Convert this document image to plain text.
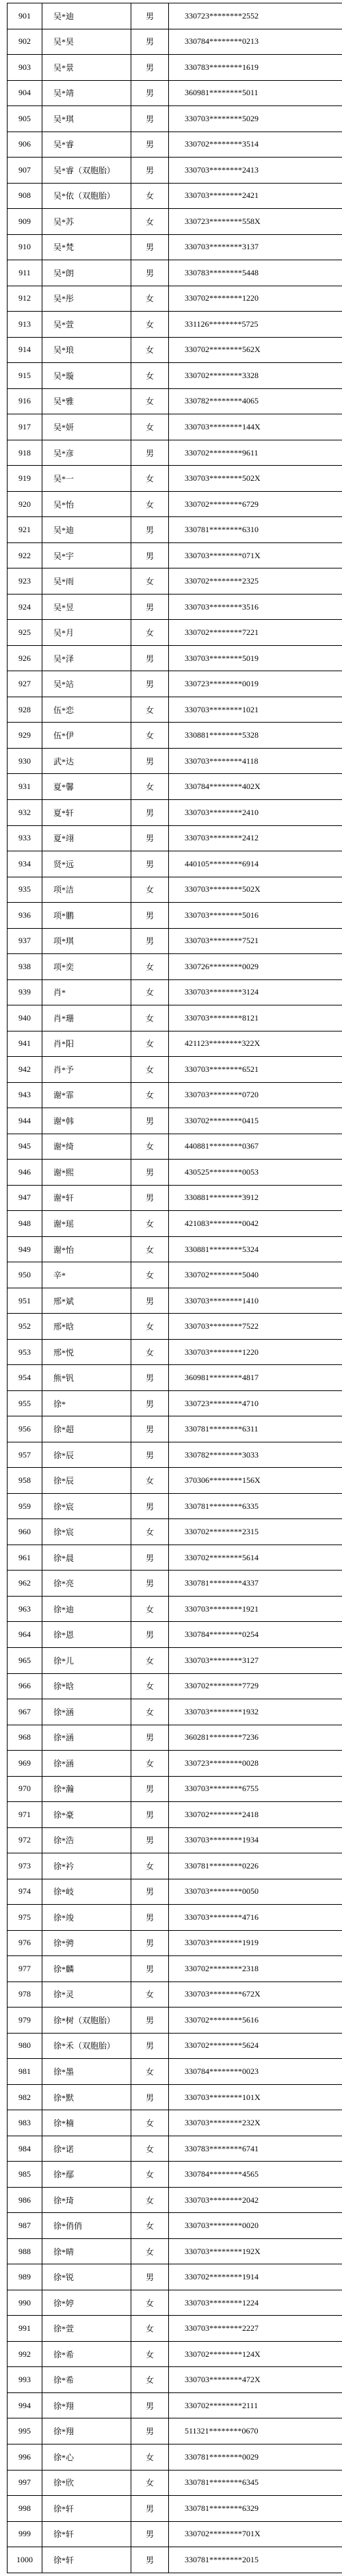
901	吴*迪	男	330723********2552
902	吴*昊	男	330784********0213
903	吴*景	男	330783********1619
904	吴*靖	男	360981********5011
905	吴*琪	男	330703********5029
906	吴*睿	男	330702********3514
907	吴*睿（双胞胎）	男	330703********2413
908	吴*依（双胞胎）	女	330703********2421
909	吴*苏	女	330723********558X
910	吴*梵	男	330703********3137
911	吴*朗	男	330783********5448
912	吴*彤	女	330702********1220
913	吴*萱	女	331126********5725
914	吴*琅	女	330702********562X
915	吴*璇	女	330702********3328
916	吴*雅	女	330782********4065
917	吴*妍	女	330703********144X
918	吴*彦	男	330702********9611
919	吴*一	女	330703********502X
920	吴*怡	女	330702********6729
921	吴*迪	男	330781********6310
922	吴*宇	男	330703********071X
923	吴*雨	女	330702********2325
924	吴*昱	男	330703********3516
925	吴*月	女	330702********7221
926	吴*泽	男	330703********5019
927	吴*站	男	330723********0019
928	伍*恋	女	330703********1021
929	伍*伊	女	330881********5328
930	武*达	男	330703********4118
931	夏*馨	女	330784********402X
932	夏*轩	男	330703********2410
933	夏*翊	男	330703********2412
934	贤*远	男	440105********6914
935	项*洁	女	330703********502X
936	项*鹏	男	330703********5016
937	项*琪	男	330703********7521
938	项*奕	女	330726********0029
939	肖*	女	330703********3124
940	肖*珊	女	330703********8121
941	肖*阳	女	421123********322X
942	肖*予	女	330703********6521
943	谢*霏	女	330703********0720
944	谢*韩	男	330702********0415
945	谢*绮	女	440881********0367
946	谢*熙	男	430525********0053
947	谢*轩	男	330881********3912
948	谢*瑶	女	421083********0042
949	谢*怡	女	330881********5324
950	辛*	女	330702********5040
951	邢*斌	男	330703********1410
952	邢*晗	女	330703********7522
953	邢*悦	女	330703********1220
954	熊*钒	男	360981********4817
955	徐*	男	330723********4710
956	徐*超	男	330781********6311
957	徐*辰	男	330782********3033
958	徐*辰	女	370306********156X
959	徐*宸	男	330781********6335
960	徐*宸	女	330702********2315
961	徐*晨	男	330702********5614
962	徐*亮	男	330781********4337
963	徐*迪	女	330703********1921
964	徐*恩	男	330784********0254
965	徐*儿	女	330703********3127
966	徐*晗	女	330702********7729
967	徐*涵	女	330703********1932
968	徐*涵	男	360281********7236
969	徐*涵	女	330723********0028
970	徐*瀚	男	330703********6755
971	徐*豪	男	330702********2418
972	徐*浩	男	330703********1934
973	徐*衿	女	330781********0226
974	徐*岐	男	330703********0050
975	徐*竣	男	330703********4716
976	徐*骋	男	330703********1919
977	徐*麟	男	330702********2318
978	徐*灵	女	330703********672X
979	徐*树（双胞胎）	男	330702********5616
980	徐*禾（双胞胎）	男	330702********5624
981	徐*墨	女	330784********0023
982	徐*默	男	330703********101X
983	徐*楠	女	330703********232X
984	徐*诺	女	330783********6741
985	徐*鄢	女	330784********4565
986	徐*琦	女	330703********2042
987	徐*俏俏	女	330703********0020
988	徐*晴	女	330703********192X
989	徐*锐	男	330702********1914
990	徐*婷	女	330703********1224
991	徐*萱	女	330703********2227
992	徐*希	女	330702********124X
993	徐*希	女	330703********472X
994	徐*翔	男	330702********2111
995	徐*翔	男	511321********0670
996	徐*心	女	330781********0029
997	徐*欣	女	330781********6345
998	徐*轩	男	330781********6329
999	徐*轩	男	330702********701X
1000	徐*轩	男	330781********2015
